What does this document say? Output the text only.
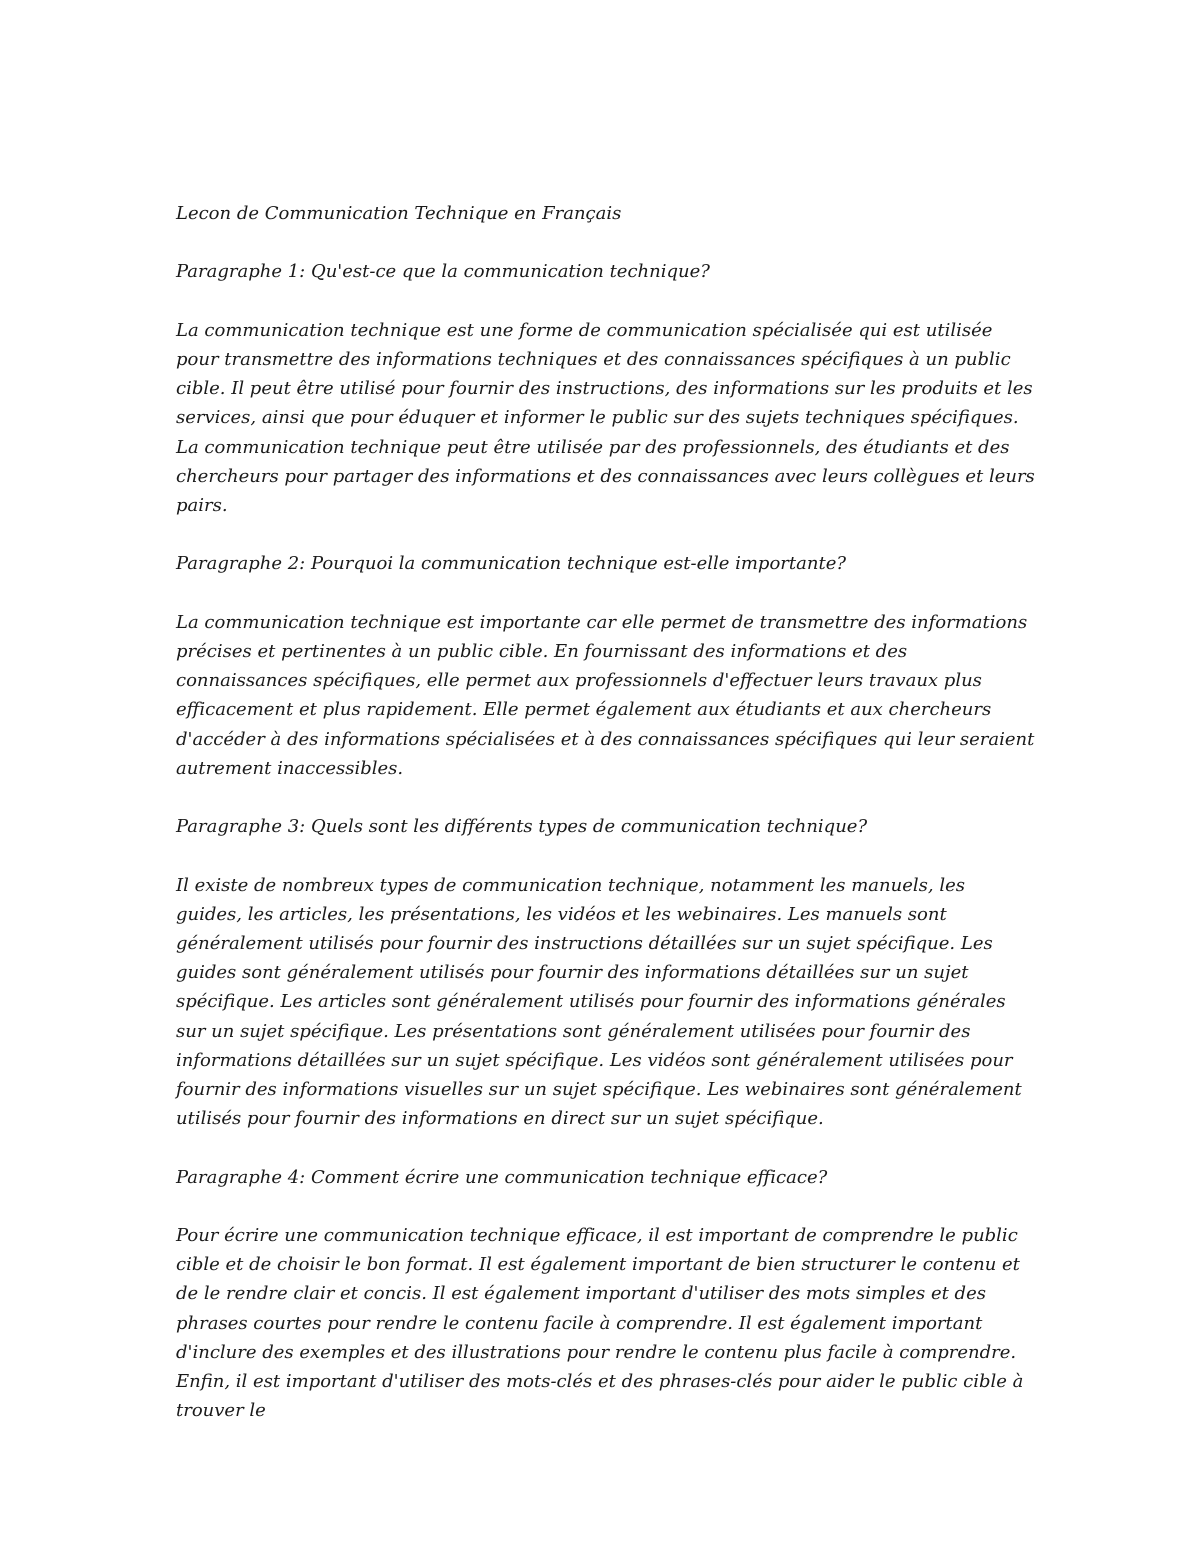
Lecon de Communication Technique en Français

Paragraphe 1: Qu'est-ce que la communication technique?

La communication technique est une forme de communication spécialisée qui est utilisée pour transmettre des informations techniques et des connaissances spécifiques à un public cible. Il peut être utilisé pour fournir des instructions, des informations sur les produits et les services, ainsi que pour éduquer et informer le public sur des sujets techniques spécifiques. La communication technique peut être utilisée par des professionnels, des étudiants et des chercheurs pour partager des informations et des connaissances avec leurs collègues et leurs pairs.

Paragraphe 2: Pourquoi la communication technique est-elle importante?

La communication technique est importante car elle permet de transmettre des informations précises et pertinentes à un public cible. En fournissant des informations et des connaissances spécifiques, elle permet aux professionnels d'effectuer leurs travaux plus efficacement et plus rapidement. Elle permet également aux étudiants et aux chercheurs d'accéder à des informations spécialisées et à des connaissances spécifiques qui leur seraient autrement inaccessibles.

Paragraphe 3: Quels sont les différents types de communication technique?

Il existe de nombreux types de communication technique, notamment les manuels, les guides, les articles, les présentations, les vidéos et les webinaires. Les manuels sont généralement utilisés pour fournir des instructions détaillées sur un sujet spécifique. Les guides sont généralement utilisés pour fournir des informations détaillées sur un sujet spécifique. Les articles sont généralement utilisés pour fournir des informations générales sur un sujet spécifique. Les présentations sont généralement utilisées pour fournir des informations détaillées sur un sujet spécifique. Les vidéos sont généralement utilisées pour fournir des informations visuelles sur un sujet spécifique. Les webinaires sont généralement utilisés pour fournir des informations en direct sur un sujet spécifique.

Paragraphe 4: Comment écrire une communication technique efficace?

Pour écrire une communication technique efficace, il est important de comprendre le public cible et de choisir le bon format. Il est également important de bien structurer le contenu et de le rendre clair et concis. Il est également important d'utiliser des mots simples et des phrases courtes pour rendre le contenu facile à comprendre. Il est également important d'inclure des exemples et des illustrations pour rendre le contenu plus facile à comprendre. Enfin, il est important d'utiliser des mots-clés et des phrases-clés pour aider le public cible à trouver le
